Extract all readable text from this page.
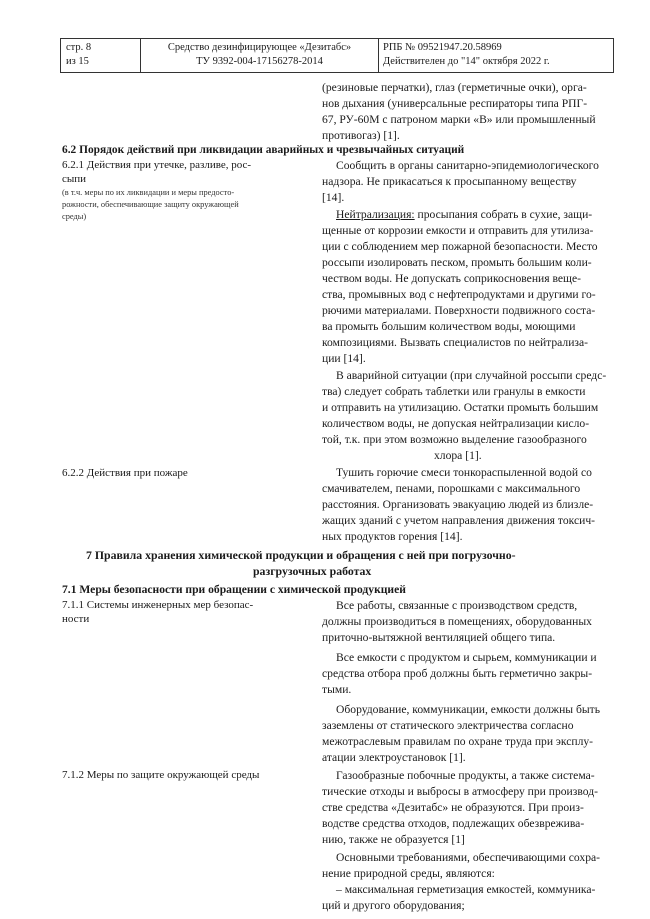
стр. 8
из 15
Средство дезинфицирующее «Дезитабс»
ТУ 9392-004-17156278-2014
РПБ № 09521947.20.58969
Действителен до "14" октября 2022 г.
(резиновые перчатки), глаз (герметичные очки), орга-
нов дыхания (универсальные респираторы типа РПГ-
67, РУ-60М с патроном марки «В» или промышленный
противогаз) [1].
6.2 Порядок действий при ликвидации аварийных и чрезвычайных ситуаций
6.2.1 Действия при утечке, разливе, рос-
сыпи
(в т.ч. меры по их ликвидации и меры предосто-
рожности, обеспечивающие защиту окружающей
среды)
Сообщить в органы санитарно-эпидемиологического
надзора. Не прикасаться к просыпанному веществу
[14].
Нейтрализация: просыпания собрать в сухие, защи-
щенные от коррозии емкости и отправить для утилиза-
ции с соблюдением мер пожарной безопасности. Место
россыпи изолировать песком, промыть большим коли-
чеством воды. Не допускать соприкосновения веще-
ства, промывных вод с нефтепродуктами и другими го-
рючими материалами. Поверхности подвижного соста-
ва промыть большим количеством воды, моющими
композициями. Вызвать специалистов по нейтрализа-
ции [14].
В аварийной ситуации (при случайной россыпи средс-
тва) следует собрать таблетки или гранулы в емкости
и отправить на утилизацию. Остатки промыть большим
количеством воды, не допуская нейтрализации кисло-
той, т.к. при этом возможно выделение газообразного
хлора [1].
6.2.2 Действия при пожаре	Тушить горючие смеси тонкораспыленной водой со
смачивателем, пенами, порошками с максимального
расстояния. Организовать эвакуацию людей из близле-
жащих зданий с учетом направления движения токсич-
ных продуктов горения [14].
7 Правила хранения химической продукции и обращения с ней при погрузочно-
разгрузочных работах
7.1 Меры безопасности при обращении с химической продукцией
7.1.1 Системы инженерных мер безопас-
ности
Все работы, связанные с производством средств,
должны производиться в помещениях, оборудованных
приточно-вытяжной вентиляцией общего типа.
Все емкости с продуктом и сырьем, коммуникации и
средства отбора проб должны быть герметично закры-
тыми.
Оборудование, коммуникации, емкости должны быть
заземлены от статического электричества согласно
межотраслевым правилам по охране труда при эксплу-
атации электроустановок [1].
7.1.2 Меры по защите окружающей среды	Газообразные побочные продукты, а также система-
тические отходы и выбросы в атмосферу при производ-
стве средства «Дезитабс» не образуются. При произ-
водстве средства отходов, подлежащих обезврежива-
нию, также не образуется [1]
Основными требованиями, обеспечивающими сохра-
нение природной среды, являются:
– максимальная герметизация емкостей, коммуника-
ций и другого оборудования;
